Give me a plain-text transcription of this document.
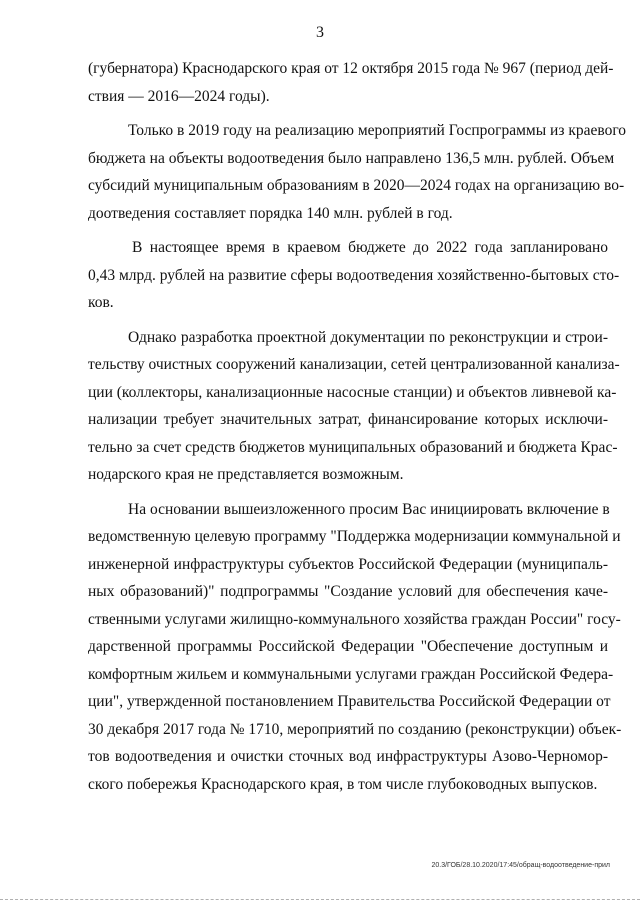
3
(губернатора) Краснодарского края от 12 октября 2015 года № 967 (период дей-
ствия — 2016—2024 годы).
Только в 2019 году на реализацию мероприятий Госпрограммы из краевого
бюджета на объекты водоотведения было направлено 136,5 млн. рублей. Объем
субсидий муниципальным образованиям в 2020—2024 годах на организацию во-
доотведения составляет порядка 140 млн. рублей в год.
В настоящее время в краевом бюджете до 2022 года запланировано
0,43 млрд. рублей на развитие сферы водоотведения хозяйственно-бытовых сто-
ков.
Однако разработка проектной документации по реконструкции и строи-
тельству очистных сооружений канализации, сетей централизованной канализа-
ции (коллекторы, канализационные насосные станции) и объектов ливневой ка-
нализации требует значительных затрат, финансирование которых исключи-
тельно за счет средств бюджетов муниципальных образований и бюджета Крас-
нодарского края не представляется возможным.
На основании вышеизложенного просим Вас инициировать включение в
ведомственную целевую программу "Поддержка модернизации коммунальной и
инженерной инфраструктуры субъектов Российской Федерации (муниципаль-
ных образований)" подпрограммы "Создание условий для обеспечения каче-
ственными услугами жилищно-коммунального хозяйства граждан России" госу-
дарственной программы Российской Федерации "Обеспечение доступным и
комфортным жильем и коммунальными услугами граждан Российской Федера-
ции", утвержденной постановлением Правительства Российской Федерации от
30 декабря 2017 года № 1710, мероприятий по созданию (реконструкции) объек-
тов водоотведения и очистки сточных вод инфраструктуры Азово-Черномор-
ского побережья Краснодарского края, в том числе глубоководных выпусков.
20.3/ГОБ/28.10.2020/17:45/обращ-водоотведение-прил
